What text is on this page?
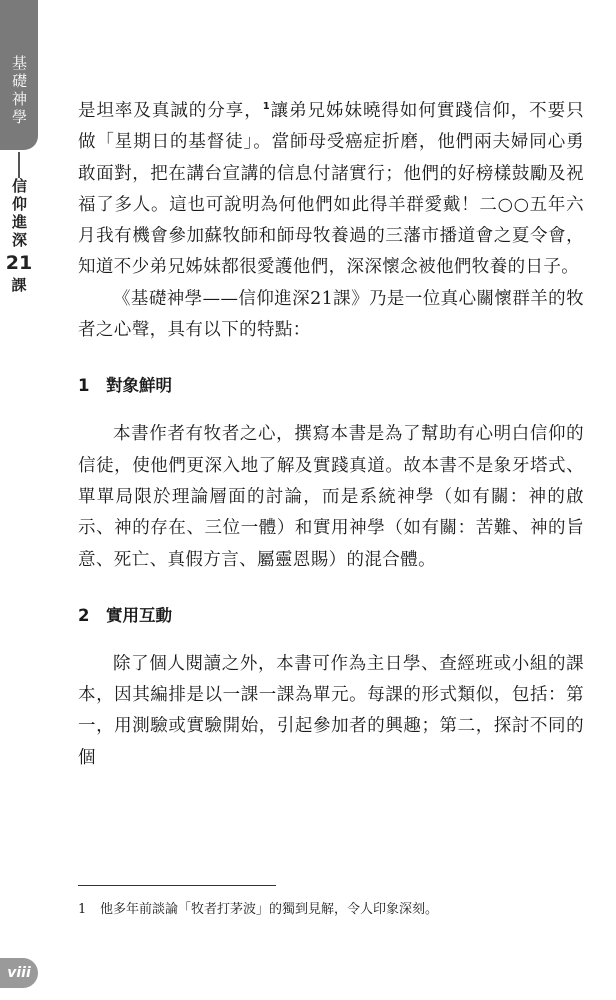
基礎神學
信仰進深
21
課

是坦率及真誠的分享，$^1$讓弟兄姊妹曉得如何實踐信仰，不要只做「星期日的基督徒」。當師母受癌症折磨，他們兩夫婦同心勇敢面對，把在講台宣講的信息付諸實行；他們的好榜樣鼓勵及祝福了多人。這也可說明為何他們如此得羊群愛戴！二○○五年六月我有機會參加蘇牧師和師母牧養過的三藩市播道會之夏令會，知道不少弟兄姊妹都很愛護他們，深深懷念被他們牧養的日子。

《基礎神學——信仰進深21課》乃是一位真心關懷群羊的牧者之心聲，具有以下的特點：

1　對象鮮明

本書作者有牧者之心，撰寫本書是為了幫助有心明白信仰的信徒，使他們更深入地了解及實踐真道。故本書不是象牙塔式、單單局限於理論層面的討論，而是系統神學（如有關：神的啟示、神的存在、三位一體）和實用神學（如有關：苦難、神的旨意、死亡、真假方言、屬靈恩賜）的混合體。

2　實用互動

除了個人閱讀之外，本書可作為主日學、查經班或小組的課本，因其編排是以一課一課為單元。每課的形式類似，包括：第一，用測驗或實驗開始，引起參加者的興趣；第二，探討不同的個

1 他多年前談論「牧者打茅波」的獨到見解，令人印象深刻。
viii
